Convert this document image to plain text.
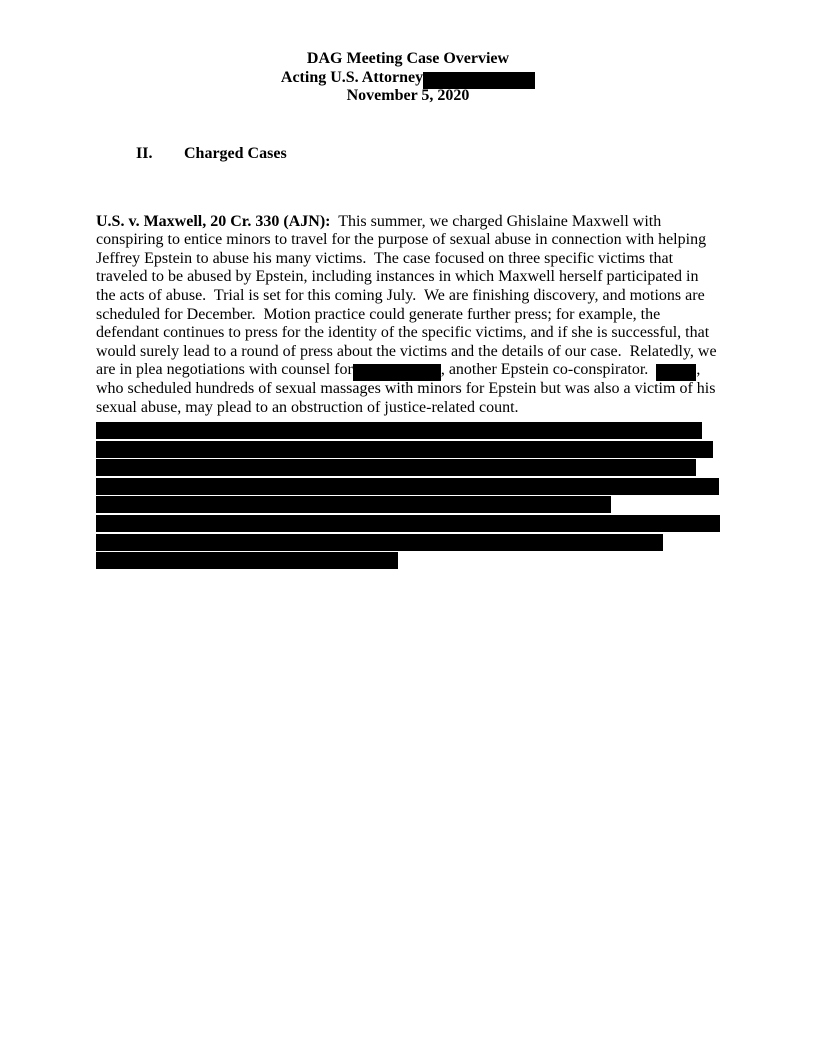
DAG Meeting Case Overview
Acting U.S. Attorney
November 5, 2020

II. Charged Cases

U.S. v. Maxwell, 20 Cr. 330 (AJN):  This summer, we charged Ghislaine Maxwell with
conspiring to entice minors to travel for the purpose of sexual abuse in connection with helping
Jeffrey Epstein to abuse his many victims.  The case focused on three specific victims that
traveled to be abused by Epstein, including instances in which Maxwell herself participated in
the acts of abuse.  Trial is set for this coming July.  We are finishing discovery, and motions are
scheduled for December.  Motion practice could generate further press; for example, the
defendant continues to press for the identity of the specific victims, and if she is successful, that
would surely lead to a round of press about the victims and the details of our case.  Relatedly, we
are in plea negotiations with counsel for	, another Epstein co-conspirator.	,
who scheduled hundreds of sexual massages with minors for Epstein but was also a victim of his
sexual abuse, may plead to an obstruction of justice-related count.
